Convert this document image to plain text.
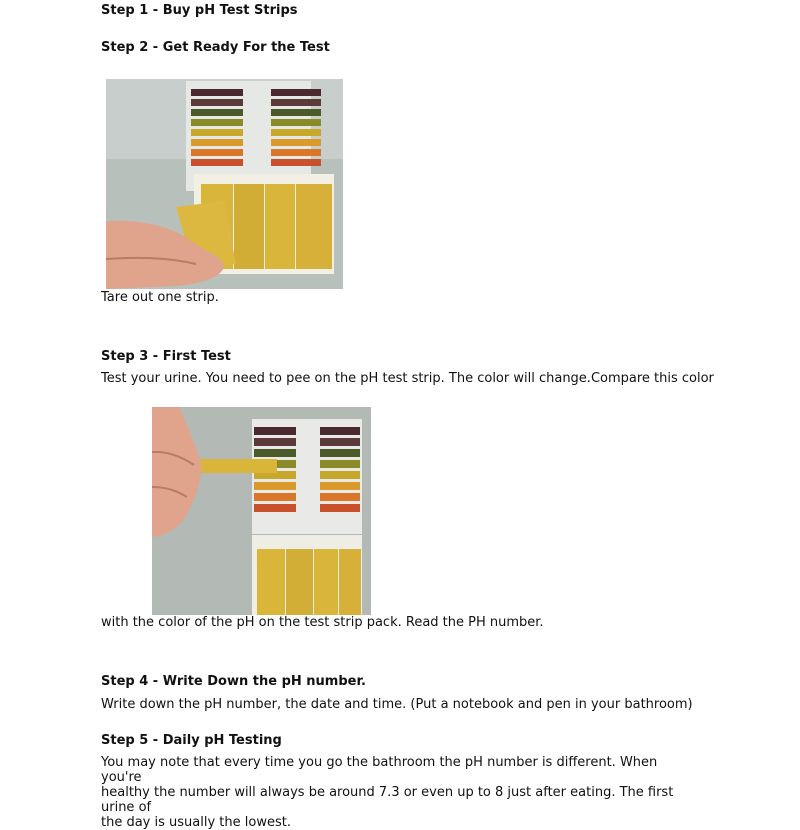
Step 1 - Buy pH Test Strips
Step 2 - Get Ready For the Test
Tare out one strip.
Step 3 - First Test
Test your urine. You need to pee on the pH test strip. The color will change.Compare this color
with the color of the pH on the test strip pack. Read the PH number.
Step 4 - Write Down the pH number.
Write down the pH number, the date and time. (Put a notebook and pen in your bathroom)
Step 5 - Daily pH Testing
You may note that every time you go the bathroom the pH number is different. When you're
healthy the number will always be around 7.3 or even up to 8 just after eating. The first urine of
the day is usually the lowest.
